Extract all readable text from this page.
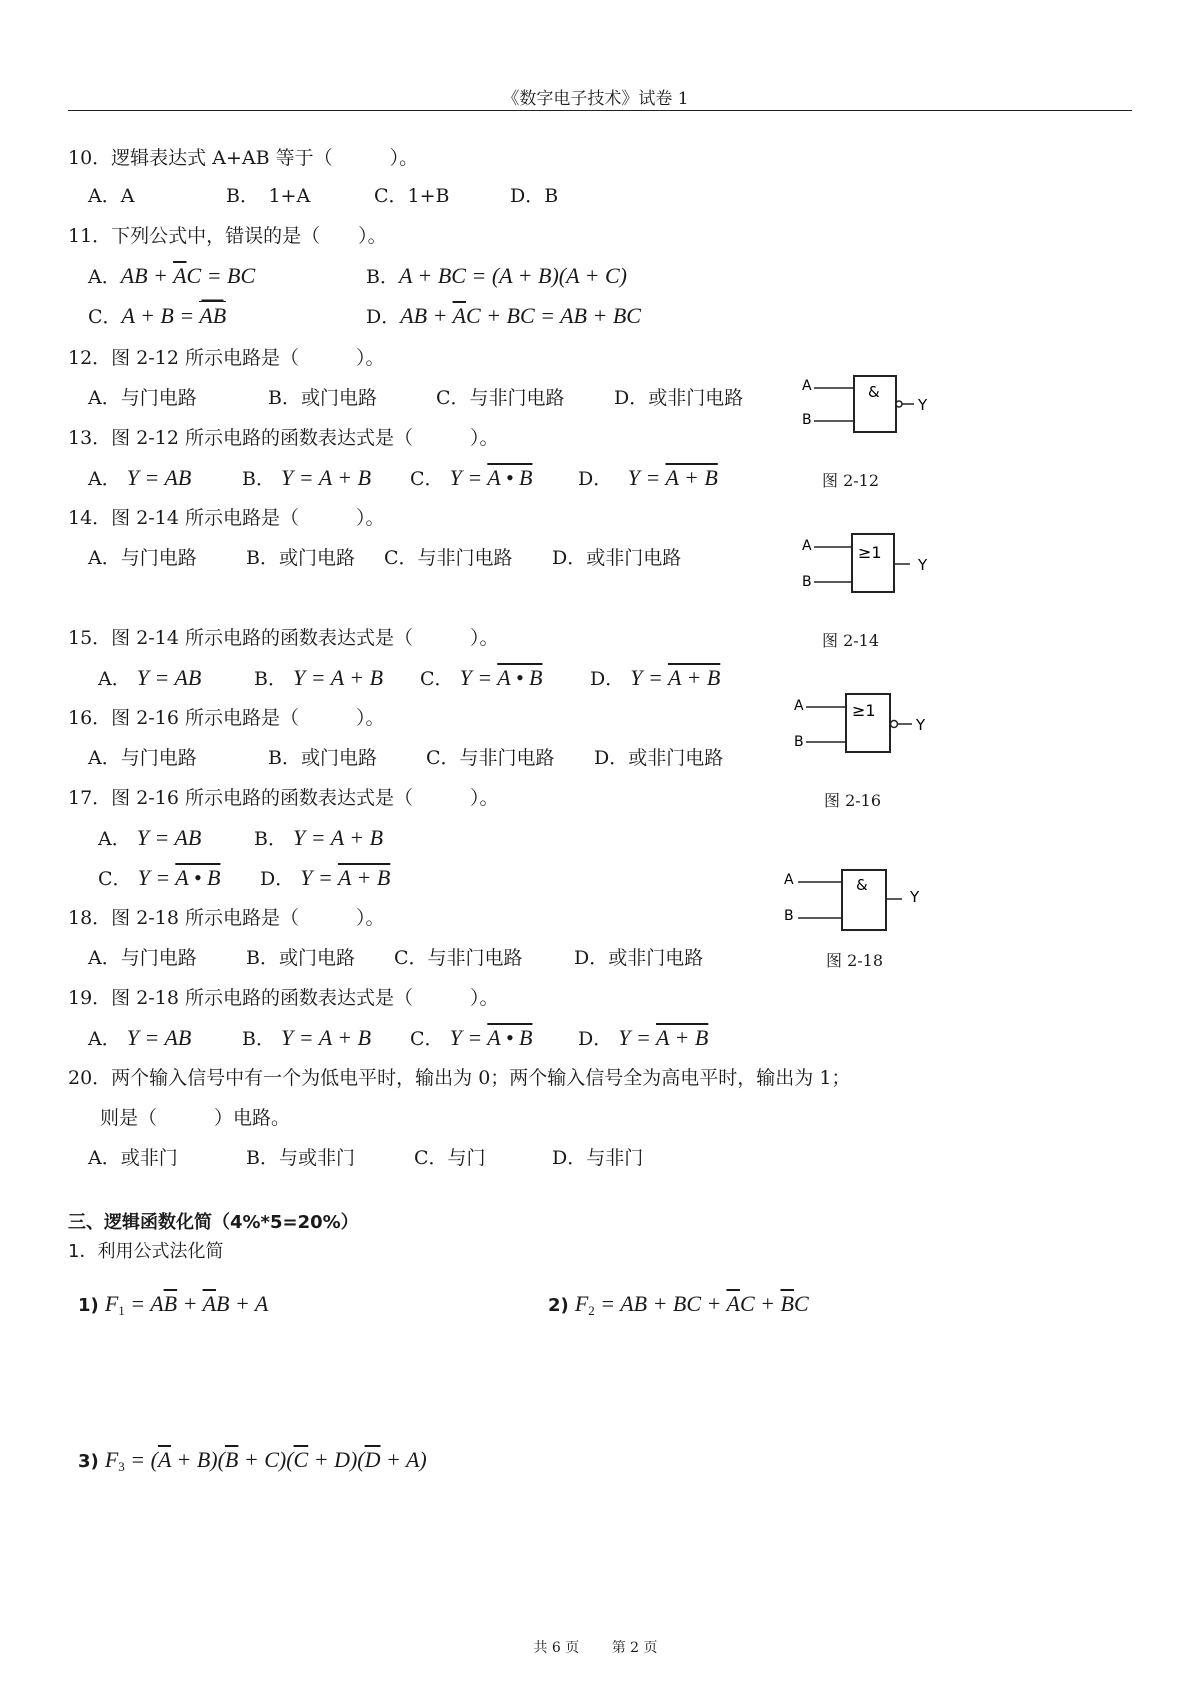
《数字电子技术》试卷 1
10．逻辑表达式 A+AB 等于（　　　）。
A．A	B．　1+A	C．1+B	D．B
11．下列公式中，错误的是（　　）。
A．AB + $\overline{A}C$ = BC	B．A + BC = (A + B)(A + C)
C．A + B = AB	D．AB + $\overline{A}C$ + BC = AB + BC
12．图 2-12 所示电路是（　　　）。
A．与门电路	B．或门电路	C．与非门电路	D．或非门电路
13．图 2-12 所示电路的函数表达式是（　　　）。
A． Y = AB	B． Y = A + B C． Y = A • B D．　 Y = A + B
14．图 2-14 所示电路是（　　　）。
A．与门电路	B．或门电路 C．与非门电路 D．或非门电路
15．图 2-14 所示电路的函数表达式是（　　　）。
A． Y = AB	B． Y = A + B C． Y = A • B	D． Y = A + B
16．图 2-16 所示电路是（　　　）。
A．与门电路	B．或门电路	C．与非门电路 D．或非门电路
17．图 2-16 所示电路的函数表达式是（　　　）。
A． Y = AB	B． Y = A + B
C． Y = A • B D． Y = A + B
18．图 2-18 所示电路是（　　　）。
A．与门电路	B．或门电路 C．与非门电路	D．或非门电路
19．图 2-18 所示电路的函数表达式是（　　　）。
A． Y = AB	B． Y = A + B C． Y = A • B D． Y = A + B
20．两个输入信号中有一个为低电平时，输出为 0；两个输入信号全为高电平时，输出为 1；
则是（　　　）电路。
A．或非门	B．与或非门	C．与门	D．与非门
三、逻辑函数化简（4%*5=20%）
1．利用公式法化简
1) $F_1 = A\overline{B} + \overline{A}B + A$	2) $F_2$ = AB + BC + $\overline{A}C + \overline{B}C$
3) $F_3 = (\overline{A} + B)(\overline{B} + C)(\overline{C} + D)(\overline{D} + A)$
A
B
&
Y
图 2-12
A
B
≥1
Y
图 2-14
A
B
≥1
Y
图 2-16
A
B
&
Y
图 2-18
共 6 页 第 2 页
